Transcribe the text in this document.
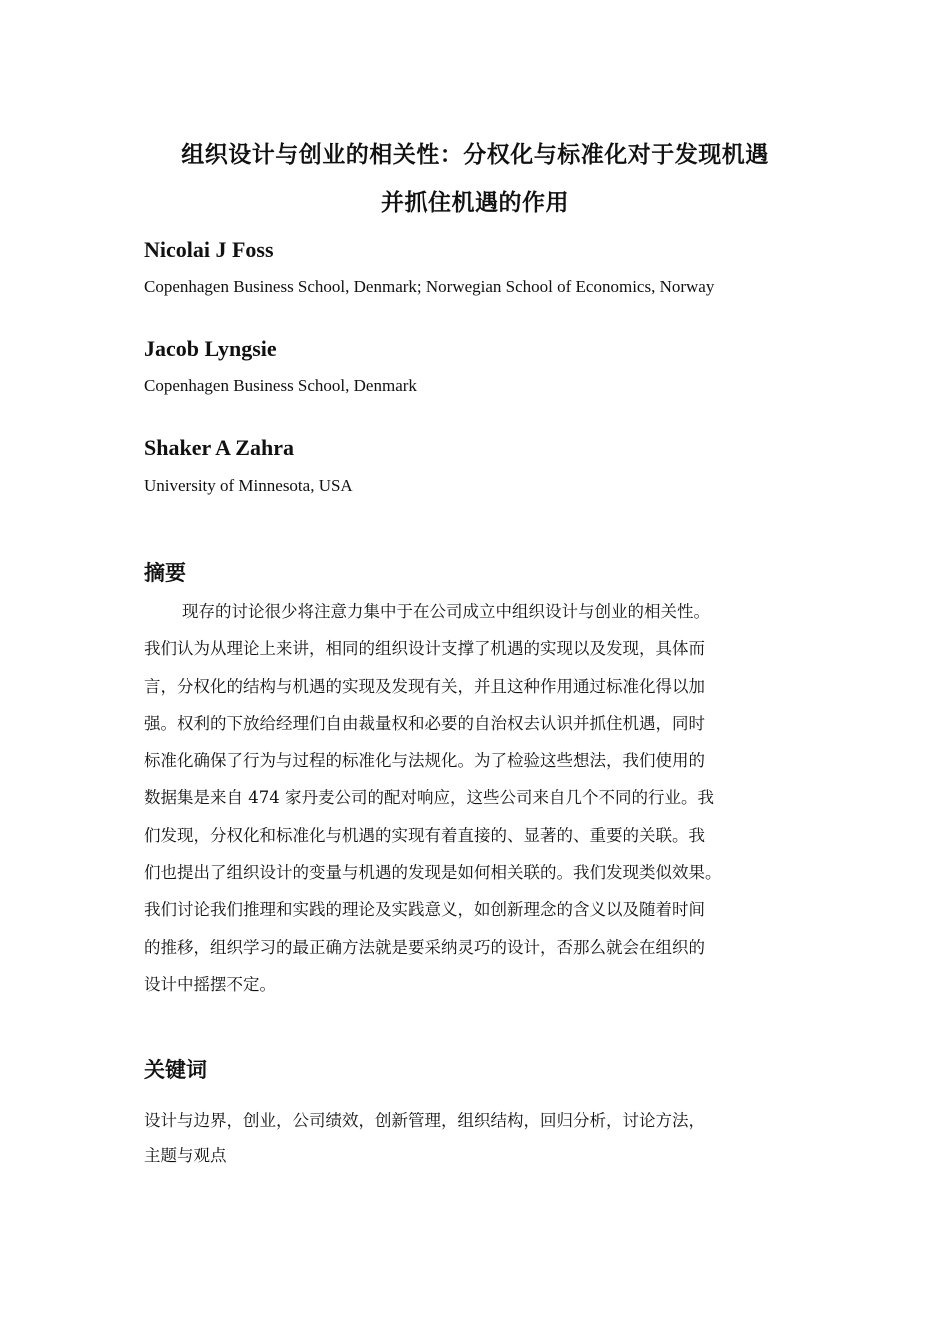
组织设计与创业的相关性：分权化与标准化对于发现机遇
并抓住机遇的作用

Nicolai J Foss

Copenhagen Business School, Denmark; Norwegian School of Economics, Norway

Jacob Lyngsie

Copenhagen Business School, Denmark

Shaker A Zahra

University of Minnesota, USA

摘要
现存的讨论很少将注意力集中于在公司成立中组织设计与创业的相关性。
我们认为从理论上来讲，相同的组织设计支撑了机遇的实现以及发现，具体而
言，分权化的结构与机遇的实现及发现有关，并且这种作用通过标准化得以加
强。权利的下放给经理们自由裁量权和必要的自治权去认识并抓住机遇，同时
标准化确保了行为与过程的标准化与法规化。为了检验这些想法，我们使用的
数据集是来自 474 家丹麦公司的配对响应，这些公司来自几个不同的行业。我
们发现，分权化和标准化与机遇的实现有着直接的、显著的、重要的关联。我
们也提出了组织设计的变量与机遇的发现是如何相关联的。我们发现类似效果。
我们讨论我们推理和实践的理论及实践意义，如创新理念的含义以及随着时间
的推移，组织学习的最正确方法就是要采纳灵巧的设计，否那么就会在组织的
设计中摇摆不定。
关键词
设计与边界，创业，公司绩效，创新管理，组织结构，回归分析，讨论方法，
主题与观点
